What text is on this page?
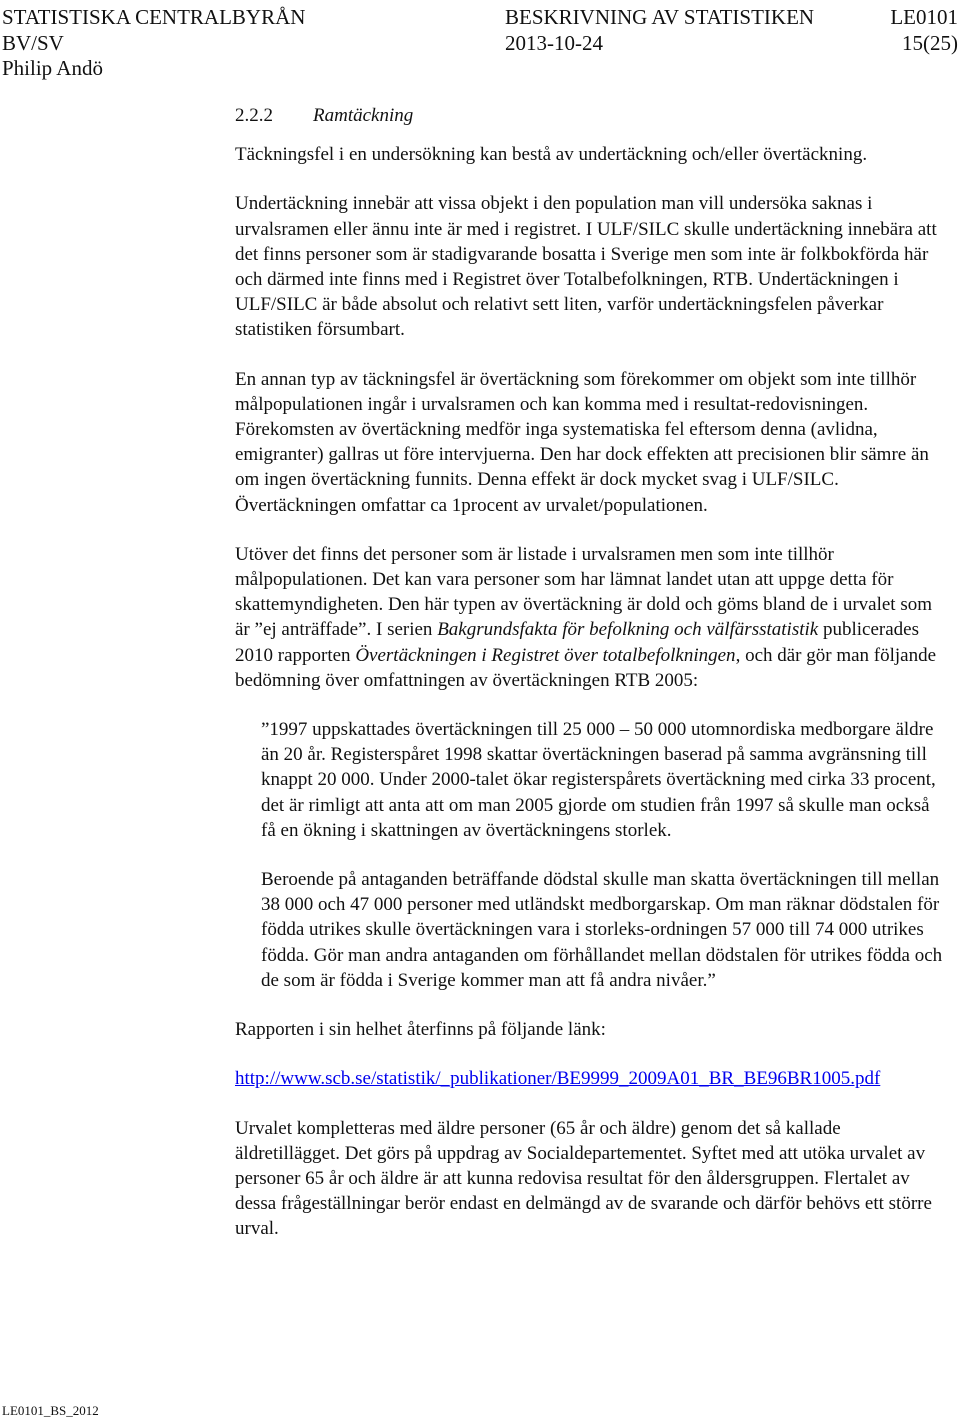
STATISTISKA CENTRALBYRÅN	BESKRIVNING AV STATISTIKEN	LE0101
BV/SV	2013-10-24	15(25)
Philip Andö
2.2.2 Ramtäckning

Täckningsfel i en undersökning kan bestå av undertäckning och/eller övertäckning.

Undertäckning innebär att vissa objekt i den population man vill undersöka saknas i urvalsramen eller ännu inte är med i registret. I ULF/SILC skulle undertäckning innebära att det finns personer som är stadigvarande bosatta i Sverige men som inte är folkbokförda här och därmed inte finns med i Registret över Totalbefolkningen, RTB. Undertäckningen i ULF/SILC är både absolut och relativt sett liten, varför undertäckningsfelen påverkar statistiken försumbart.

En annan typ av täckningsfel är övertäckning som förekommer om objekt som inte tillhör målpopulationen ingår i urvalsramen och kan komma med i resultat-redovisningen. Förekomsten av övertäckning medför inga systematiska fel eftersom denna (avlidna, emigranter) gallras ut före intervjuerna. Den har dock effekten att precisionen blir sämre än om ingen övertäckning funnits. Denna effekt är dock mycket svag i ULF/SILC. Övertäckningen omfattar ca 1procent av urvalet/populationen.

Utöver det finns det personer som är listade i urvalsramen men som inte tillhör målpopulationen. Det kan vara personer som har lämnat landet utan att uppge detta för skattemyndigheten. Den här typen av övertäckning är dold och göms bland de i urvalet som är ”ej anträffade”. I serien Bakgrundsfakta för befolkning och välfärsstatistik publicerades 2010 rapporten Övertäckningen i Registret över totalbefolkningen, och där gör man följande bedömning över omfattningen av övertäckningen RTB 2005:

”1997 uppskattades övertäckningen till 25 000 – 50 000 utomnordiska medborgare äldre än 20 år. Registerspåret 1998 skattar övertäckningen baserad på samma avgränsning till knappt 20 000. Under 2000-talet ökar registerspårets övertäckning med cirka 33 procent, det är rimligt att anta att om man 2005 gjorde om studien från 1997 så skulle man också få en ökning i skattningen av övertäckningens storlek.

Beroende på antaganden beträffande dödstal skulle man skatta övertäckningen till mellan 38 000 och 47 000 personer med utländskt medborgarskap. Om man räknar dödstalen för födda utrikes skulle övertäckningen vara i storleks-ordningen 57 000 till 74 000 utrikes födda. Gör man andra antaganden om förhållandet mellan dödstalen för utrikes födda och de som är födda i Sverige kommer man att få andra nivåer.”

Rapporten i sin helhet återfinns på följande länk:

http://www.scb.se/statistik/_publikationer/BE9999_2009A01_BR_BE96BR1005.pdf

Urvalet kompletteras med äldre personer (65 år och äldre) genom det så kallade äldretillägget. Det görs på uppdrag av Socialdepartementet. Syftet med att utöka urvalet av personer 65 år och äldre är att kunna redovisa resultat för den åldersgruppen. Flertalet av dessa frågeställningar berör endast en delmängd av de svarande och därför behövs ett större urval.

LE0101_BS_2012
